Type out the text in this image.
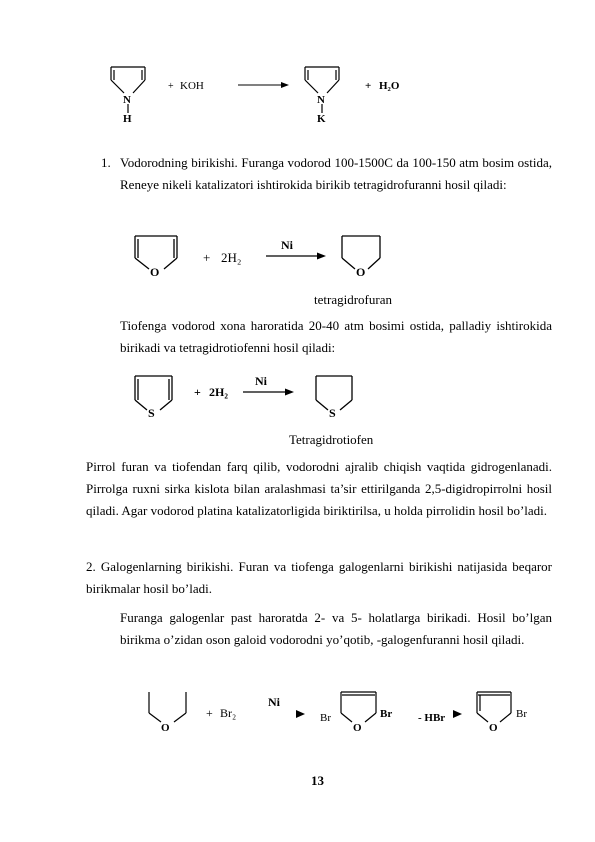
N
H
+ KOH
N
K
+ H₂O
1. Vodorodning birikishi. Furanga vodorod 100-1500C da 100-150 atm bosim ostida, Reneye nikeli katalizatori ishtirokida birikib tetragidrofuranni hosil qiladi:

O
+ 2H₂
Ni
O
tetragidrofuran

Tiofenga vodorod xona haroratida 20-40 atm bosimi ostida, palladiy ishtirokida birikadi va tetragidrotiofenni hosil qiladi:

S
+ 2H₂
Ni
S
Tetragidrotiofen

Pirrol furan va tiofendan farq qilib, vodorodni ajralib chiqish vaqtida gidrogenlanadi. Pirrolga ruxni sirka kislota bilan aralashmasi ta’sir ettirilganda 2,5-digidropirrolni hosil qiladi. Agar vodorod platina katalizatorligida biriktirilsa, u holda pirrolidin hosil bo’ladi.

2. Galogenlarning birikishi. Furan va tiofenga galogenlarni birikishi natijasida beqaror birikmalar hosil bo’ladi.

Furanga galogenlar past haroratda 2- va 5- holatlarga birikadi. Hosil bo’lgan birikma o’zidan oson galoid vodorodni yo’qotib, -galogenfuranni hosil qiladi.

O
+ Br₂
Ni
Br
O
Br - HBr
O
Br
13
